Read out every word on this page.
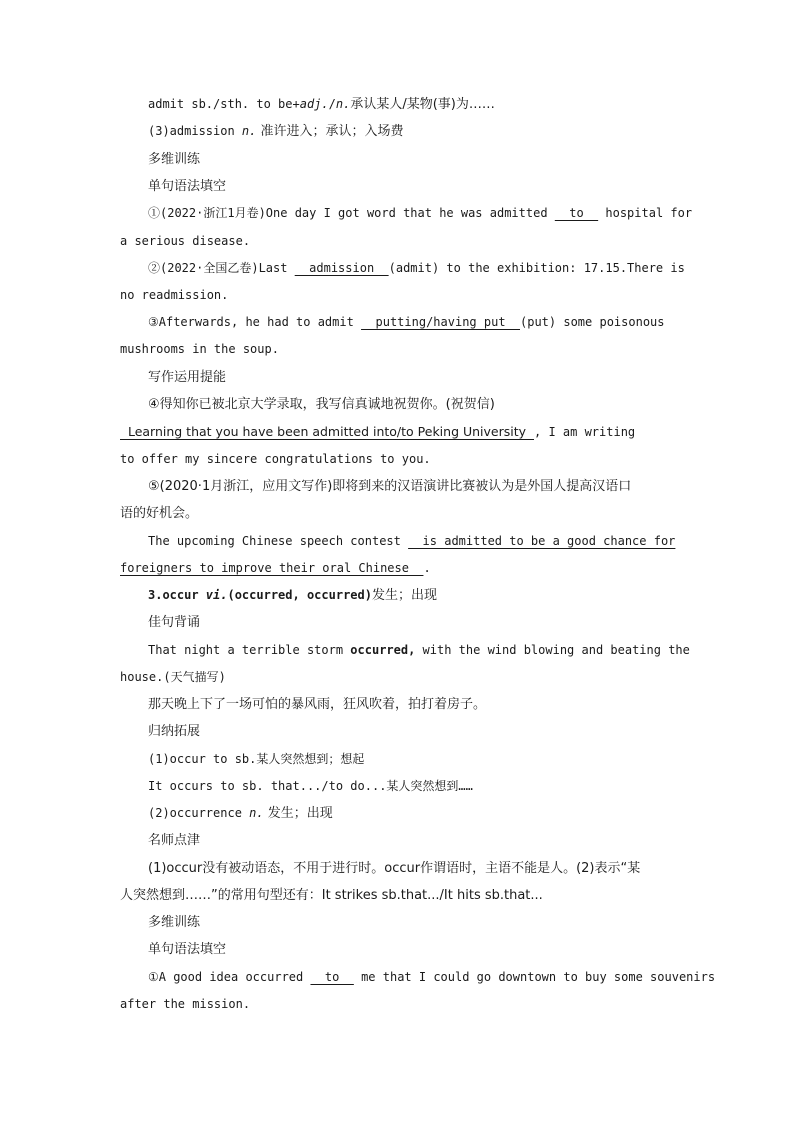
admit sb./sth. to be+adj./n.承认某人/某物(事)为……
(3)admission n. 准许进入；承认；入场费
多维训练
单句语法填空
①(2022·浙江1月卷)One day I got word that he was admitted   to   hospital for
a serious disease.
②(2022·全国乙卷)Last   admission  (admit) to the exhibition: 17.15.There is
no readmission.
③Afterwards, he had to admit   putting/having put  (put) some poisonous
mushrooms in the soup.
写作运用提能
④得知你已被北京大学录取，我写信真诚地祝贺你。(祝贺信)
Learning that you have been admitted into/to Peking University  , I am writing
to offer my sincere congratulations to you.
⑤(2020·1月浙江，应用文写作)即将到来的汉语演讲比赛被认为是外国人提高汉语口
语的好机会。
The upcoming Chinese speech contest   is admitted to be a good chance for
foreigners to improve their oral Chinese  .
3.occur vi.(occurred, occurred)发生；出现
佳句背诵
That night a terrible storm occurred, with the wind blowing and beating the
house.(天气描写)
那天晚上下了一场可怕的暴风雨，狂风吹着，拍打着房子。
归纳拓展
(1)occur to sb.某人突然想到；想起
It occurs to sb. that.../to do...某人突然想到……
(2)occurrence n. 发生；出现
名师点津
(1)occur没有被动语态，不用于进行时。occur作谓语时，主语不能是人。(2)表示“某
人突然想到……”的常用句型还有：It strikes sb.that.../It hits sb.that...
多维训练
单句语法填空
①A good idea occurred   to   me that I could go downtown to buy some souvenirs
after the mission.
